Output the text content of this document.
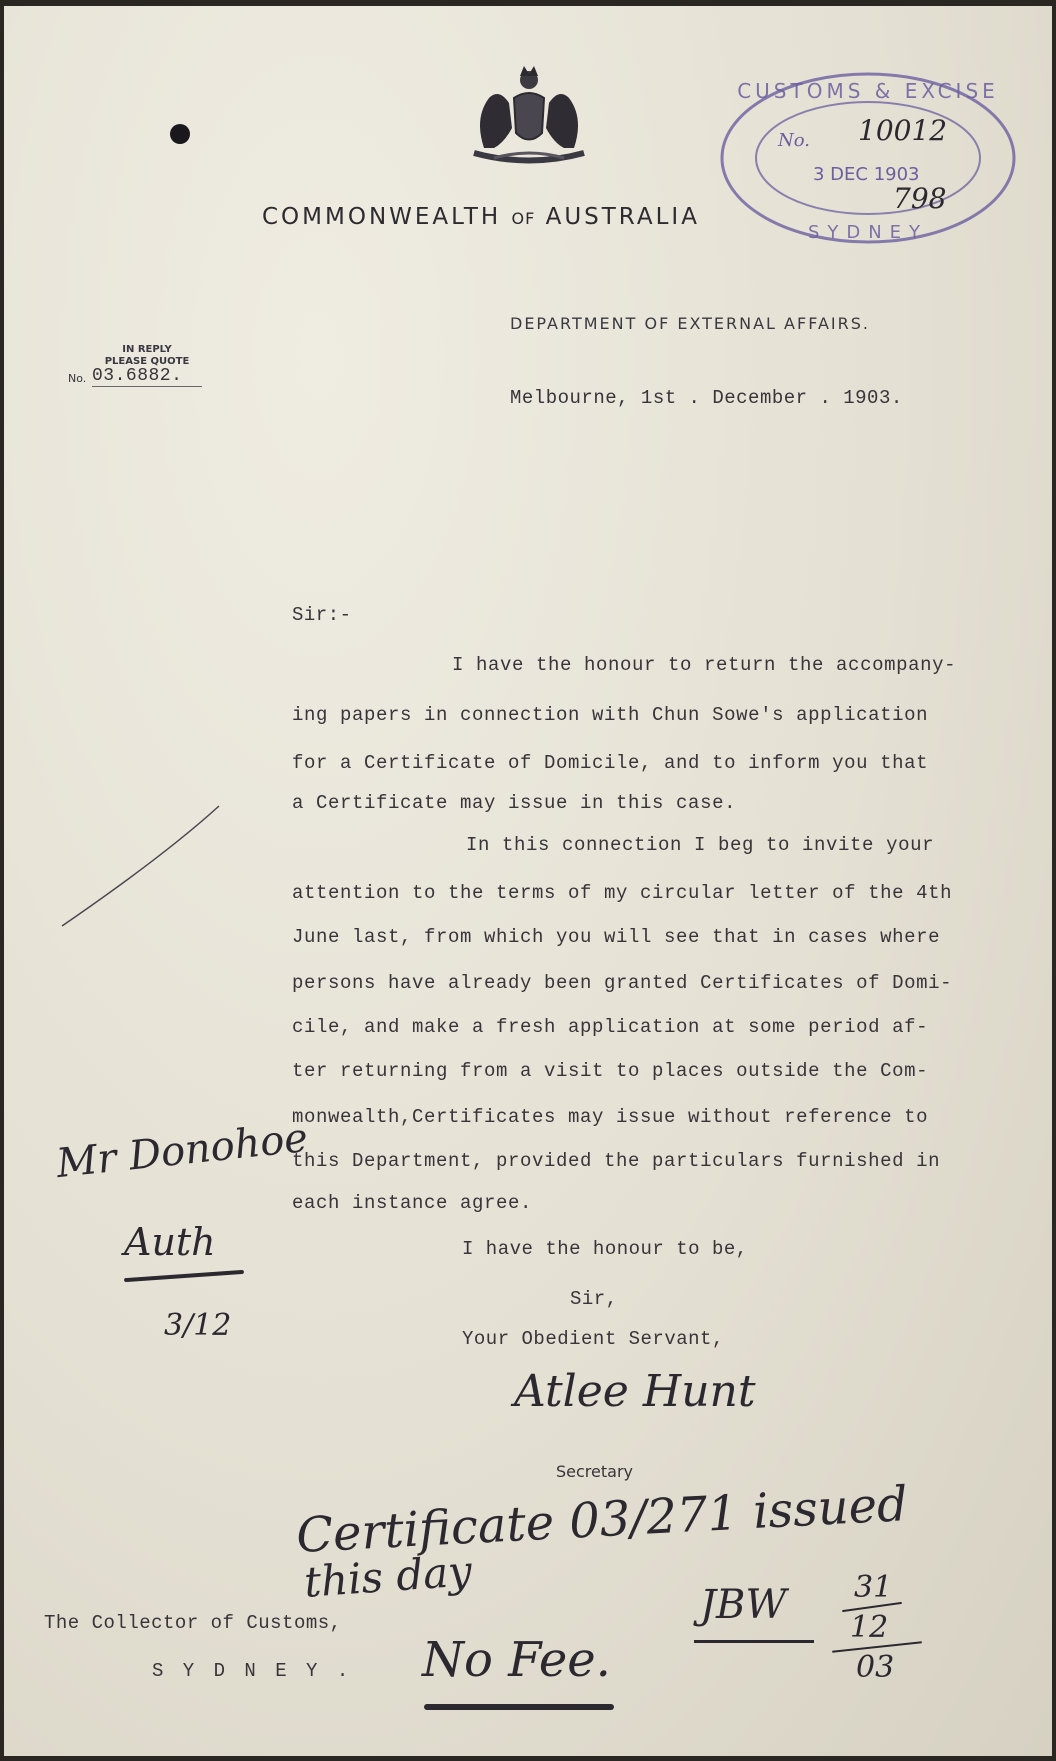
COMMONWEALTH OF AUSTRALIA
CUSTOMS & EXCISE
No. 10012
3 DEC 1903
798
SYDNEY
DEPARTMENT OF EXTERNAL AFFAIRS.
IN REPLY
PLEASE QUOTE
No. 03.6882.
Melbourne, 1st . December . 1903.
Sir:-
I have the honour to return the accompany-
ing papers in connection with Chun Sowe's application
for a Certificate of Domicile, and to inform you that
a Certificate may issue in this case.
In this connection I beg to invite your
attention to the terms of my circular letter of the 4th
June last, from which you will see that in cases where
persons have already been granted Certificates of Domi-
cile, and make a fresh application at some period af-
ter returning from a visit to places outside the Com-
monwealth,Certificates may issue without reference to
this Department, provided the particulars furnished in
each instance agree.
I have the honour to be,
Sir,
Your Obedient Servant,
Atlee Hunt
Secretary
The Collector of Customs,
S Y D N E Y .
Mr Donohoe
Auth
3/12
Certificate 03/271 issued
this day
No Fee.
JBW 31
12
03
